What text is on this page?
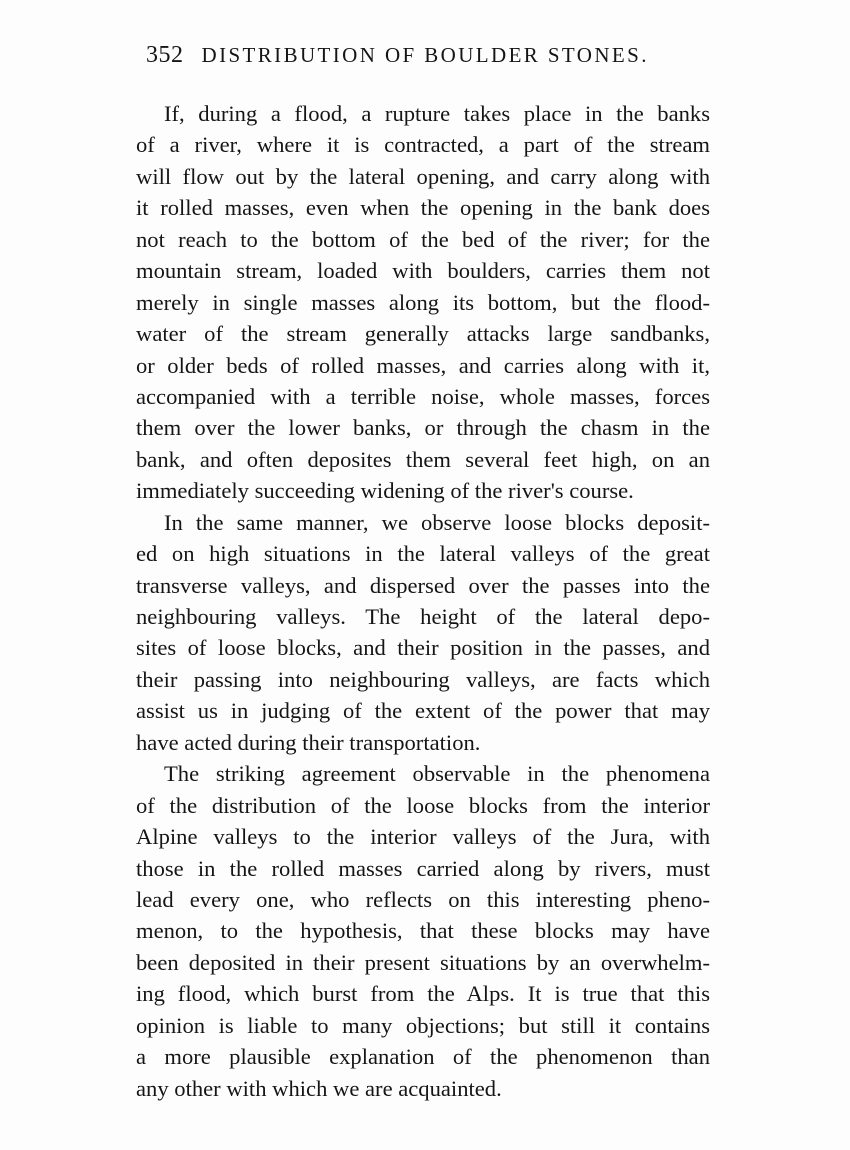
352 DISTRIBUTION OF BOULDER STONES.
If, during a flood, a rupture takes place in the banks
of a river, where it is contracted, a part of the stream
will flow out by the lateral opening, and carry along with
it rolled masses, even when the opening in the bank does
not reach to the bottom of the bed of the river; for the
mountain stream, loaded with boulders, carries them not
merely in single masses along its bottom, but the flood-
water of the stream generally attacks large sandbanks,
or older beds of rolled masses, and carries along with it,
accompanied with a terrible noise, whole masses, forces
them over the lower banks, or through the chasm in the
bank, and often deposites them several feet high, on an
immediately succeeding widening of the river's course.
In the same manner, we observe loose blocks deposit-
ed on high situations in the lateral valleys of the great
transverse valleys, and dispersed over the passes into the
neighbouring valleys. The height of the lateral depo-
sites of loose blocks, and their position in the passes, and
their passing into neighbouring valleys, are facts which
assist us in judging of the extent of the power that may
have acted during their transportation.
The striking agreement observable in the phenomena
of the distribution of the loose blocks from the interior
Alpine valleys to the interior valleys of the Jura, with
those in the rolled masses carried along by rivers, must
lead every one, who reflects on this interesting pheno-
menon, to the hypothesis, that these blocks may have
been deposited in their present situations by an overwhelm-
ing flood, which burst from the Alps. It is true that this
opinion is liable to many objections; but still it contains
a more plausible explanation of the phenomenon than
any other with which we are acquainted.
